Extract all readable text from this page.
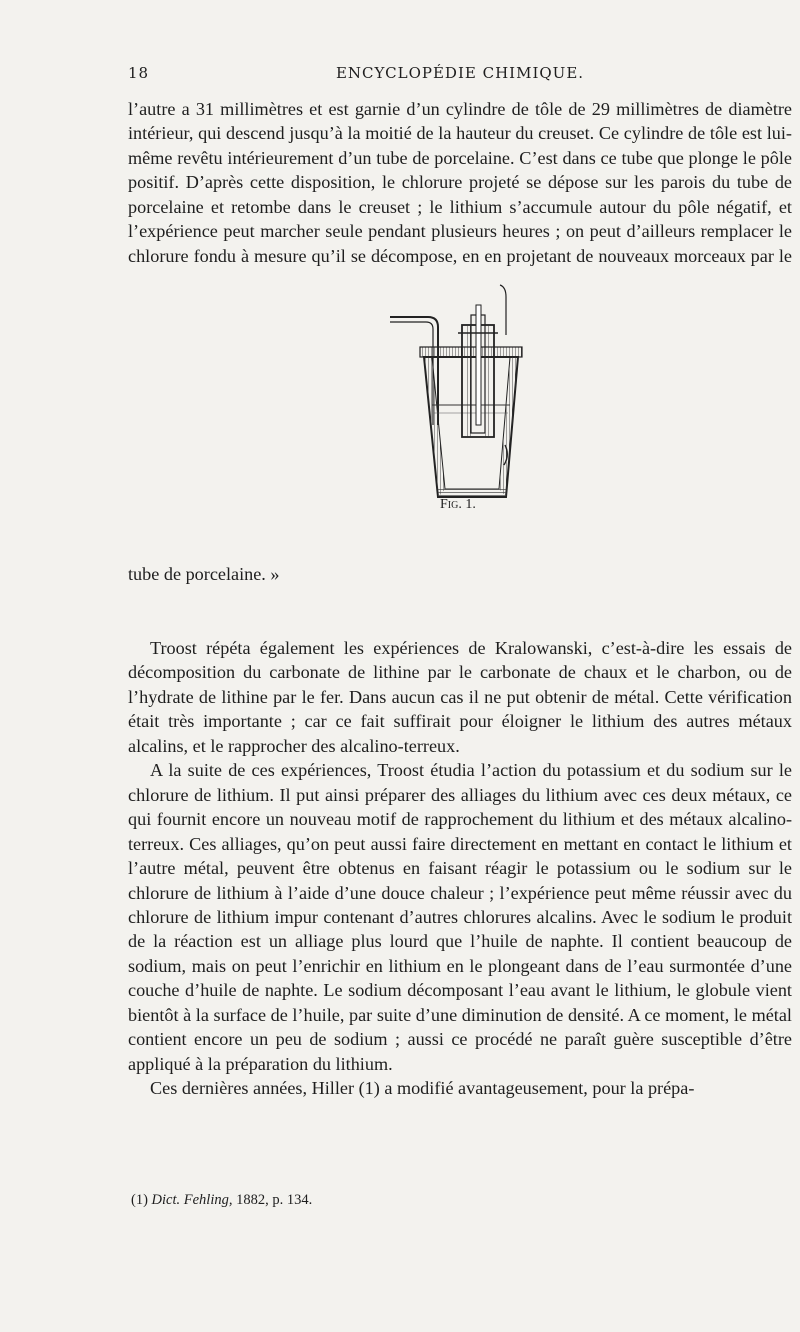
18	ENCYCLOPÉDIE CHIMIQUE.

l’autre a 31 millimètres et est garnie d’un cylindre de tôle de 29 millimètres de diamètre intérieur, qui descend jusqu’à la moitié de la hauteur du creuset. Ce cylindre de tôle est lui-même revêtu intérieurement d’un tube de porcelaine. C’est dans ce tube que plonge le pôle positif. D’après cette disposition, le chlorure projeté se dépose sur les parois du tube de porcelaine et retombe dans le creuset ; le lithium s’accumule autour du pôle négatif, et l’expérience peut marcher seule pendant plusieurs heures ; on peut d’ailleurs remplacer le chlorure fondu à mesure qu’il se décompose, en en projetant de nouveaux morceaux par le

Fig. 1.

tube de porcelaine. »

Troost répéta également les expériences de Kralowanski, c’est-à-dire les essais de décomposition du carbonate de lithine par le carbonate de chaux et le charbon, ou de l’hydrate de lithine par le fer. Dans aucun cas il ne put obtenir de métal. Cette vérification était très importante ; car ce fait suffirait pour éloigner le lithium des autres métaux alcalins, et le rapprocher des alcalino-terreux.

A la suite de ces expériences, Troost étudia l’action du potassium et du sodium sur le chlorure de lithium. Il put ainsi préparer des alliages du lithium avec ces deux métaux, ce qui fournit encore un nouveau motif de rapprochement du lithium et des métaux alcalino-terreux. Ces alliages, qu’on peut aussi faire directement en mettant en contact le lithium et l’autre métal, peuvent être obtenus en faisant réagir le potassium ou le sodium sur le chlorure de lithium à l’aide d’une douce chaleur ; l’expérience peut même réussir avec du chlorure de lithium impur contenant d’autres chlorures alcalins. Avec le sodium le produit de la réaction est un alliage plus lourd que l’huile de naphte. Il contient beaucoup de sodium, mais on peut l’enrichir en lithium en le plongeant dans de l’eau surmontée d’une couche d’huile de naphte. Le sodium décomposant l’eau avant le lithium, le globule vient bientôt à la surface de l’huile, par suite d’une diminution de densité. A ce moment, le métal contient encore un peu de sodium ; aussi ce procédé ne paraît guère susceptible d’être appliqué à la préparation du lithium.

Ces dernières années, Hiller (1) a modifié avantageusement, pour la prépa-

(1) Dict. Fehling, 1882, p. 134.
